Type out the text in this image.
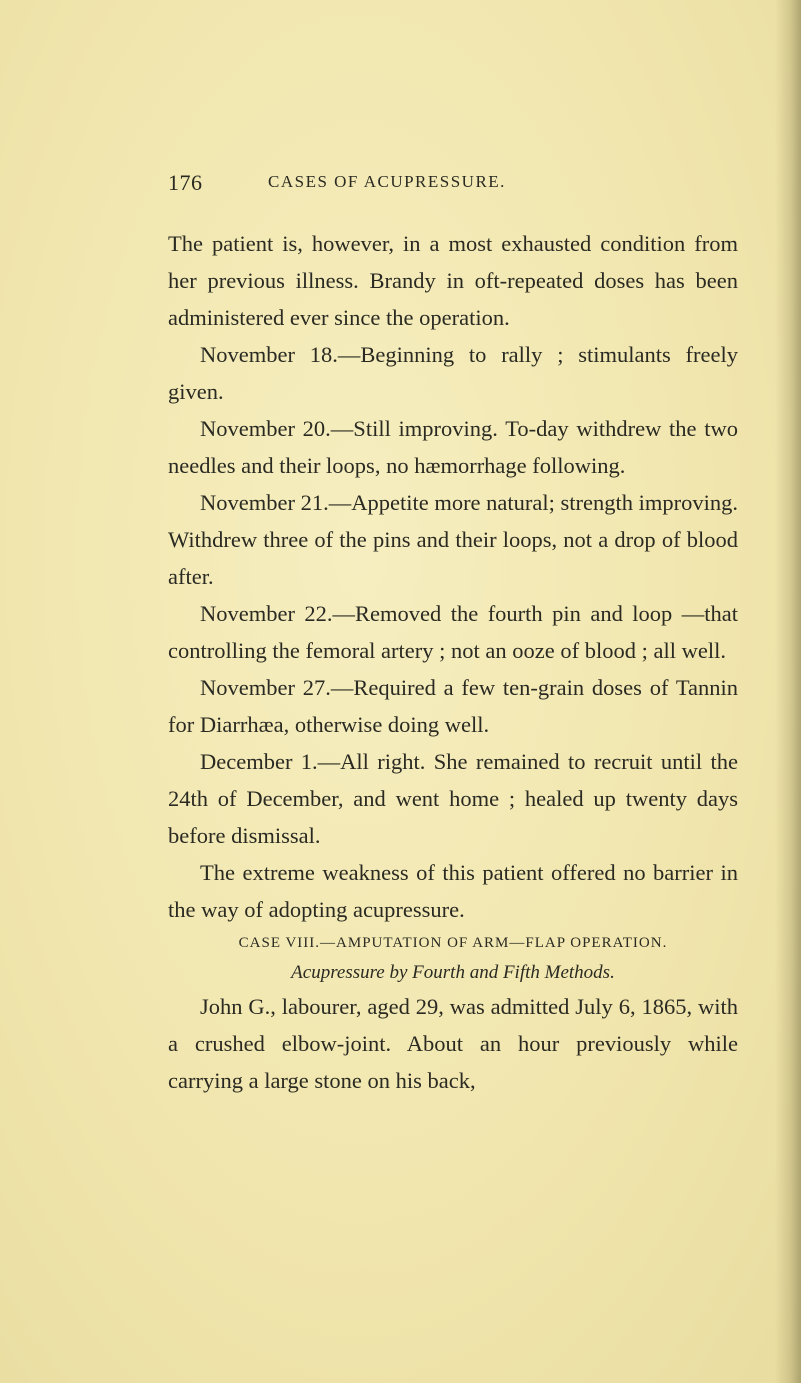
176	CASES OF ACUPRESSURE.

The patient is, however, in a most exhausted condition from her previous illness. Brandy in oft-repeated doses has been administered ever since the operation.

November 18.—Beginning to rally ; stimulants freely given.

November 20.—Still improving. To-day withdrew the two needles and their loops, no hæmorrhage following.

November 21.—Appetite more natural; strength improving. Withdrew three of the pins and their loops, not a drop of blood after.

November 22.—Removed the fourth pin and loop —that controlling the femoral artery ; not an ooze of blood ; all well.

November 27.—Required a few ten-grain doses of Tannin for Diarrhæa, otherwise doing well.

December 1.—All right. She remained to recruit until the 24th of December, and went home ; healed up twenty days before dismissal.

The extreme weakness of this patient offered no barrier in the way of adopting acupressure.

CASE VIII.—AMPUTATION OF ARM—FLAP OPERATION.

Acupressure by Fourth and Fifth Methods.

John G., labourer, aged 29, was admitted July 6, 1865, with a crushed elbow-joint. About an hour previously while carrying a large stone on his back,
